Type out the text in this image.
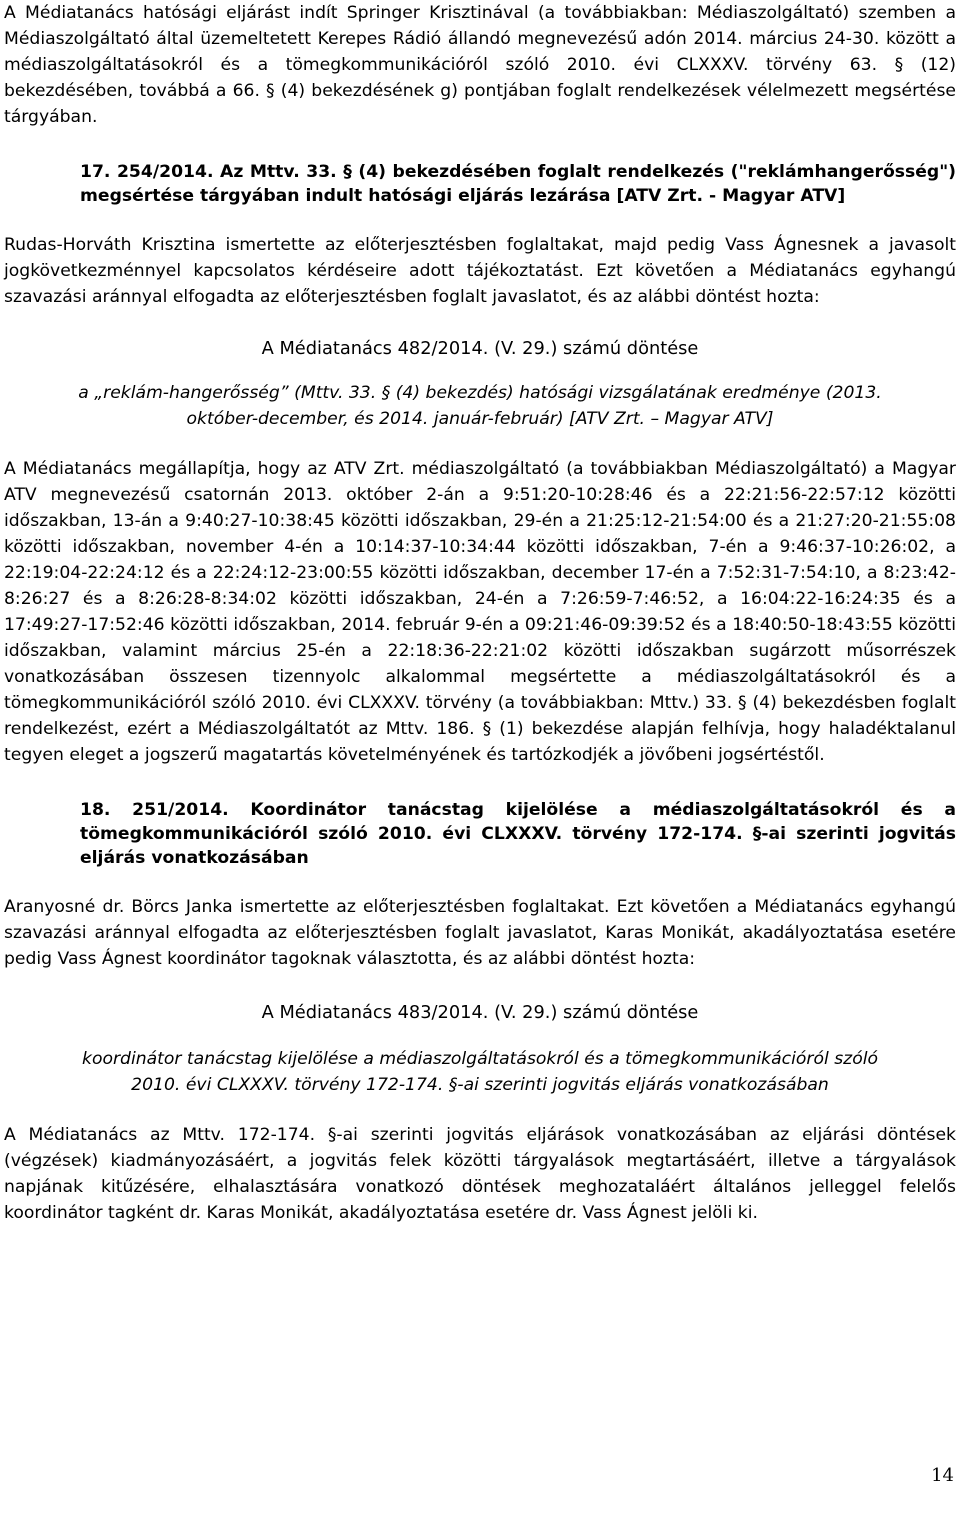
A Médiatanács hatósági eljárást indít Springer Krisztinával (a továbbiakban: Médiaszolgáltató) szemben a Médiaszolgáltató által üzemeltetett Kerepes Rádió állandó megnevezésű adón 2014. március 24-30. között a médiaszolgáltatásokról és a tömegkommunikációról szóló 2010. évi CLXXXV. törvény 63. § (12) bekezdésében, továbbá a 66. § (4) bekezdésének g) pontjában foglalt rendelkezések vélelmezett megsértése tárgyában.

17. 254/2014. Az Mttv. 33. § (4) bekezdésében foglalt rendelkezés ("reklámhangerősség") megsértése tárgyában indult hatósági eljárás lezárása [ATV Zrt. - Magyar ATV]

Rudas-Horváth Krisztina ismertette az előterjesztésben foglaltakat, majd pedig Vass Ágnesnek a javasolt jogkövetkezménnyel kapcsolatos kérdéseire adott tájékoztatást. Ezt követően a Médiatanács egyhangú szavazási aránnyal elfogadta az előterjesztésben foglalt javaslatot, és az alábbi döntést hozta:

A Médiatanács 482/2014. (V. 29.) számú döntése

a „reklám-hangerősség” (Mttv. 33. § (4) bekezdés) hatósági vizsgálatának eredménye (2013.

október-december, és 2014. január-február) [ATV Zrt. – Magyar ATV]

A Médiatanács megállapítja, hogy az ATV Zrt. médiaszolgáltató (a továbbiakban Médiaszolgáltató) a Magyar ATV megnevezésű csatornán 2013. október 2-án a 9:51:20-10:28:46 és a 22:21:56-22:57:12 közötti időszakban, 13-án a 9:40:27-10:38:45 közötti időszakban, 29-én a 21:25:12-21:54:00 és a 21:27:20-21:55:08 közötti időszakban, november 4-én a 10:14:37-10:34:44 közötti időszakban, 7-én a 9:46:37-10:26:02, a 22:19:04-22:24:12 és a 22:24:12-23:00:55 közötti időszakban, december 17-én a 7:52:31-7:54:10, a 8:23:42-8:26:27 és a 8:26:28-8:34:02 közötti időszakban, 24-én a 7:26:59-7:46:52, a 16:04:22-16:24:35 és a 17:49:27-17:52:46 közötti időszakban, 2014. február 9-én a 09:21:46-09:39:52 és a 18:40:50-18:43:55 közötti időszakban, valamint március 25-én a 22:18:36-22:21:02 közötti időszakban sugárzott műsorrészek vonatkozásában összesen tizennyolc alkalommal megsértette a médiaszolgáltatásokról és a tömegkommunikációról szóló 2010. évi CLXXXV. törvény (a továbbiakban: Mttv.) 33. § (4) bekezdésben foglalt rendelkezést, ezért a Médiaszolgáltatót az Mttv. 186. § (1) bekezdése alapján felhívja, hogy haladéktalanul tegyen eleget a jogszerű magatartás követelményének és tartózkodjék a jövőbeni jogsértéstől.

18. 251/2014. Koordinátor tanácstag kijelölése a médiaszolgáltatásokról és a tömegkommunikációról szóló 2010. évi CLXXXV. törvény 172-174. §-ai szerinti jogvitás eljárás vonatkozásában

Aranyosné dr. Börcs Janka ismertette az előterjesztésben foglaltakat. Ezt követően a Médiatanács egyhangú szavazási aránnyal elfogadta az előterjesztésben foglalt javaslatot, Karas Monikát, akadályoztatása esetére pedig Vass Ágnest koordinátor tagoknak választotta, és az alábbi döntést hozta:

A Médiatanács 483/2014. (V. 29.) számú döntése

koordinátor tanácstag kijelölése a médiaszolgáltatásokról és a tömegkommunikációról szóló

2010. évi CLXXXV. törvény 172-174. §-ai szerinti jogvitás eljárás vonatkozásában

A Médiatanács az Mttv. 172-174. §-ai szerinti jogvitás eljárások vonatkozásában az eljárási döntések (végzések) kiadmányozásáért, a jogvitás felek közötti tárgyalások megtartásáért, illetve a tárgyalások napjának kitűzésére, elhalasztására vonatkozó döntések meghozataláért általános jelleggel felelős koordinátor tagként dr. Karas Monikát, akadályoztatása esetére dr. Vass Ágnest jelöli ki.

14
